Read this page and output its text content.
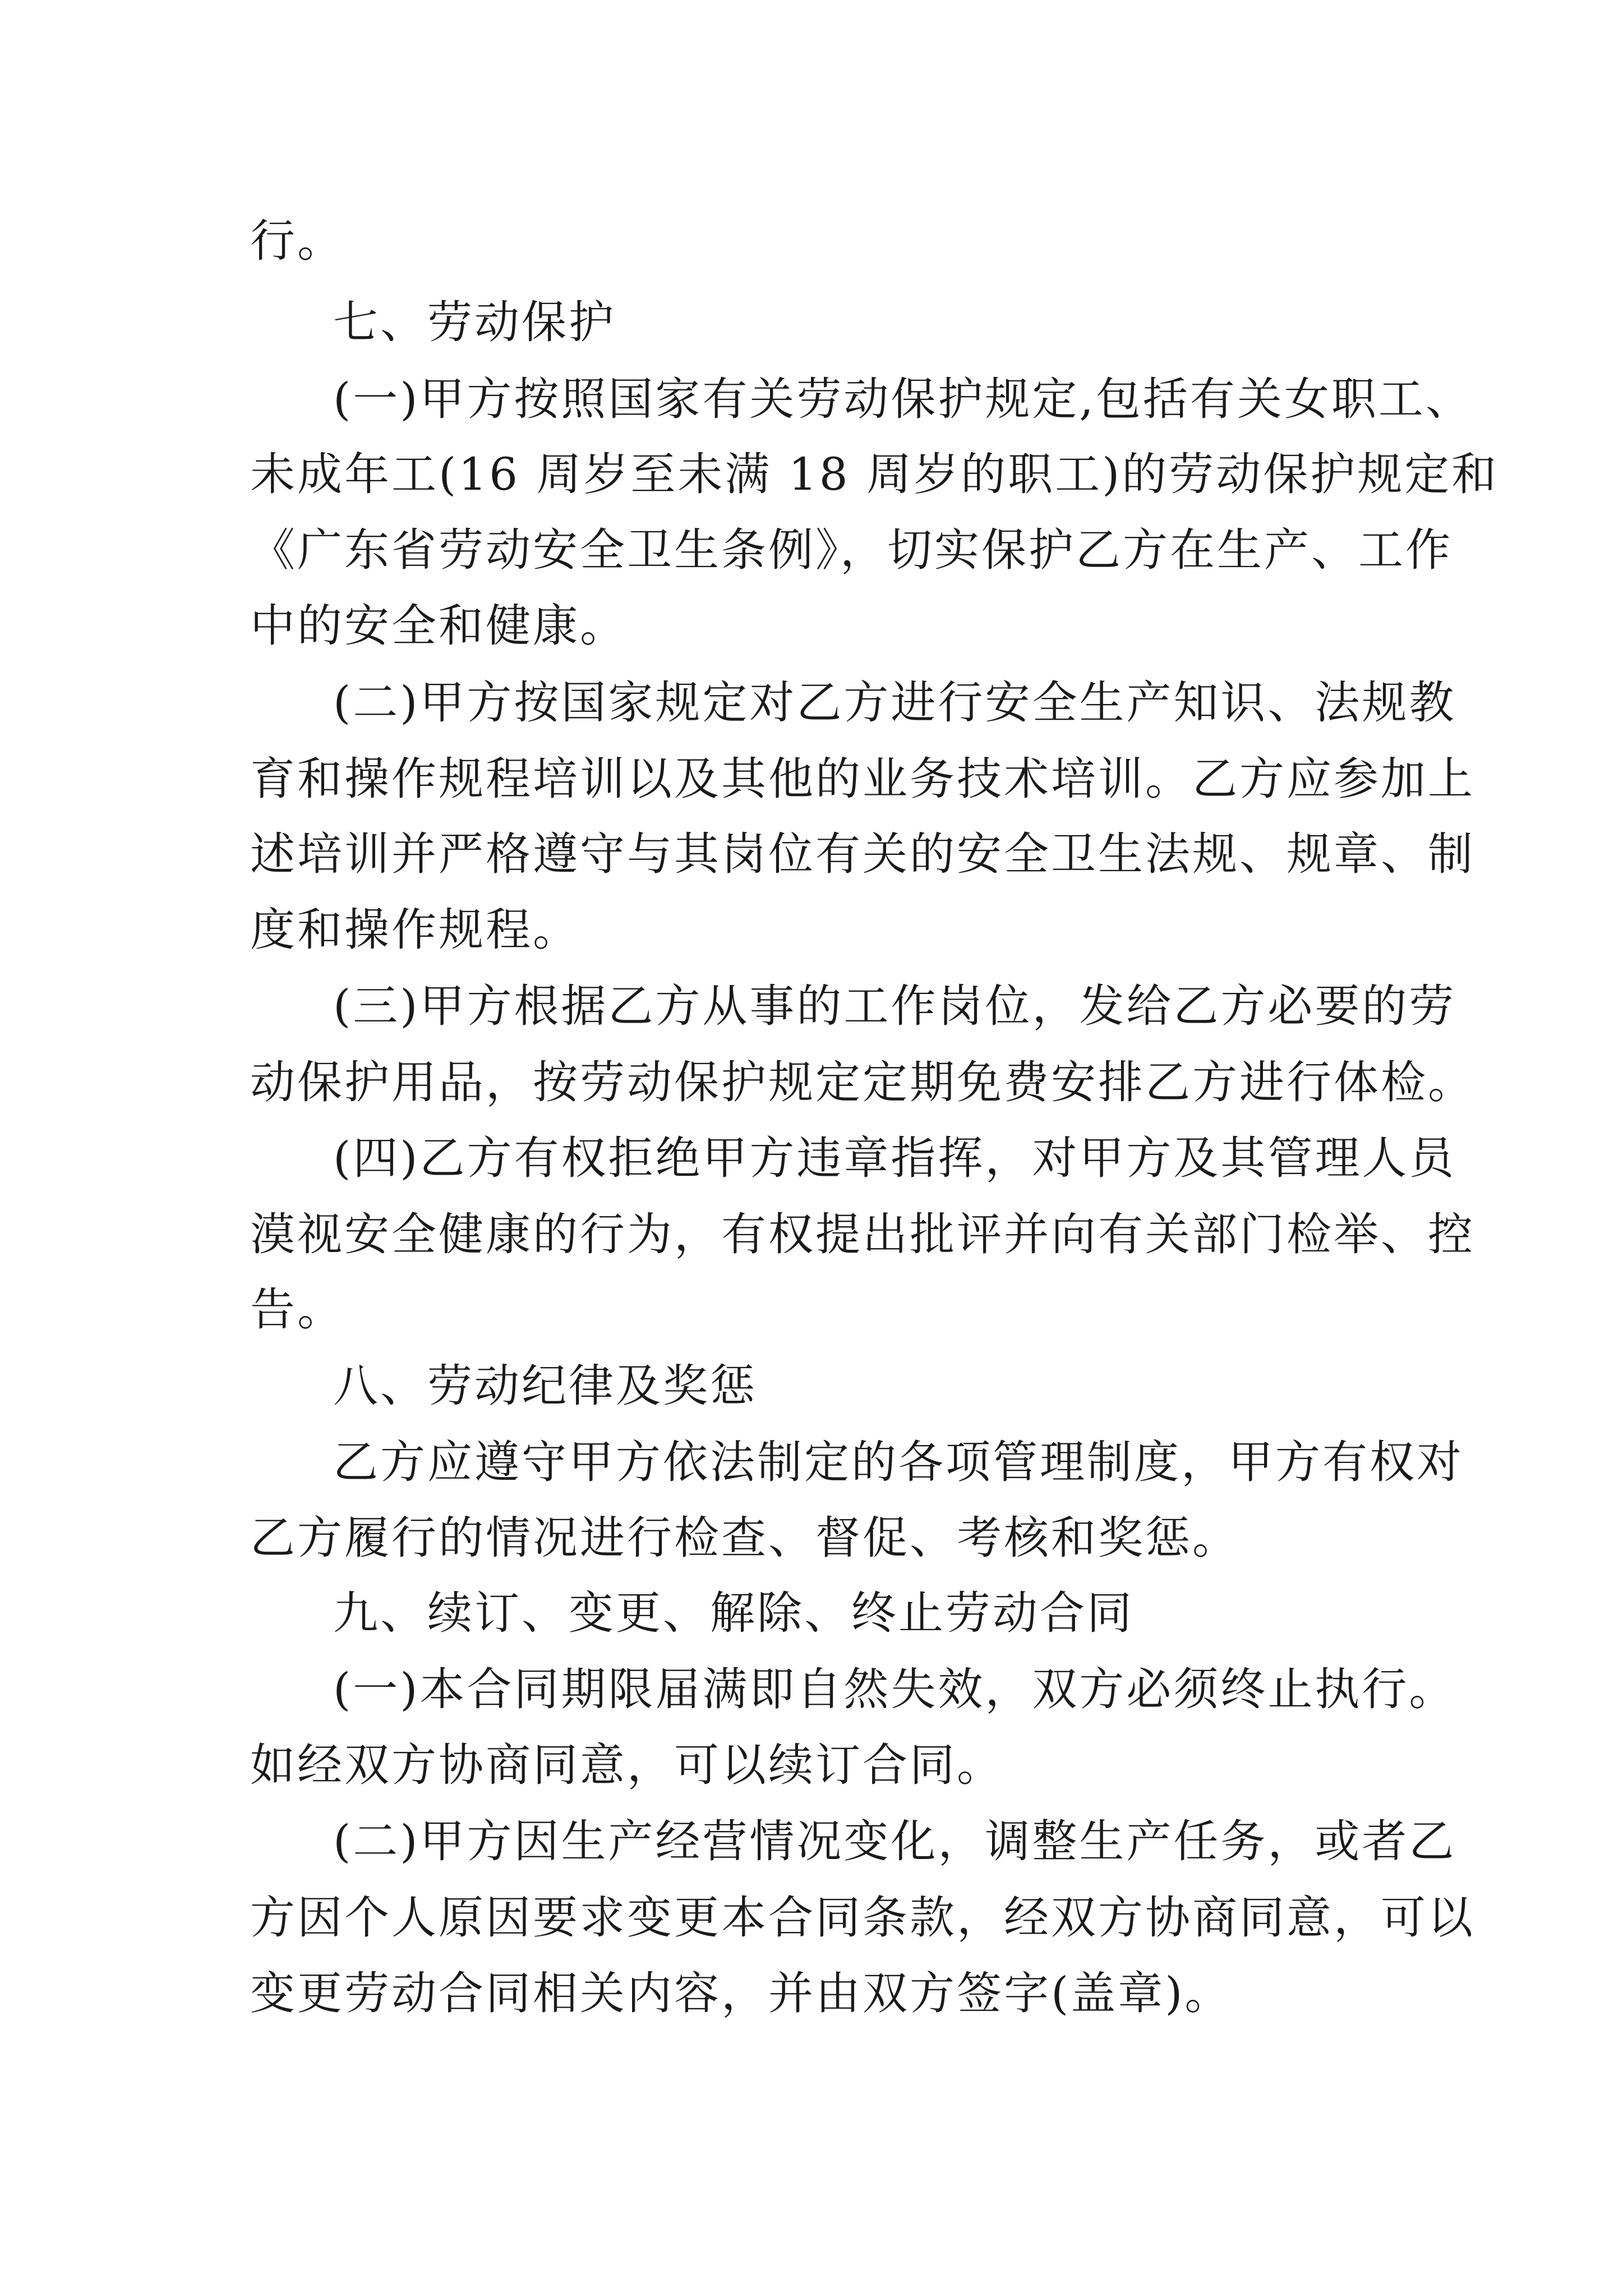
行。
七、劳动保护
(一)甲方按照国家有关劳动保护规定,包括有关女职工、
未成年工(16 周岁至未满 18 周岁的职工)的劳动保护规定和
《广东省劳动安全卫生条例》，切实保护乙方在生产、工作
中的安全和健康。
(二)甲方按国家规定对乙方进行安全生产知识、法规教
育和操作规程培训以及其他的业务技术培训。乙方应参加上
述培训并严格遵守与其岗位有关的安全卫生法规、规章、制
度和操作规程。
(三)甲方根据乙方从事的工作岗位，发给乙方必要的劳
动保护用品，按劳动保护规定定期免费安排乙方进行体检。
(四)乙方有权拒绝甲方违章指挥，对甲方及其管理人员
漠视安全健康的行为，有权提出批评并向有关部门检举、控
告。
八、劳动纪律及奖惩
乙方应遵守甲方依法制定的各项管理制度，甲方有权对
乙方履行的情况进行检查、督促、考核和奖惩。
九、续订、变更、解除、终止劳动合同
(一)本合同期限届满即自然失效，双方必须终止执行。
如经双方协商同意，可以续订合同。
(二)甲方因生产经营情况变化，调整生产任务，或者乙
方因个人原因要求变更本合同条款，经双方协商同意，可以
变更劳动合同相关内容，并由双方签字(盖章)。
